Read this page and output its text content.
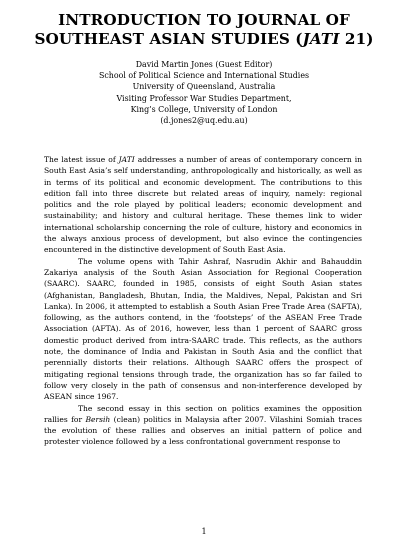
INTRODUCTION TO JOURNAL OF
SOUTHEAST ASIAN STUDIES (JATI 21)
David Martin Jones (Guest Editor)
School of Political Science and International Studies
University of Queensland, Australia
Visiting Professor War Studies Department,
King’s College, University of London
(d.jones2@uq.edu.au)

The latest issue of JATI addresses a number of areas of contemporary concern in South East Asia’s self understanding, anthropologically and historically, as well as in terms of its political and economic development. The contributions to this edition fall into three discrete but related areas of inquiry, namely: regional politics and the role played by political leaders; economic development and sustainability; and history and cultural heritage. These themes link to wider international scholarship concerning the role of culture, history and economics in the always anxious process of development, but also evince the contingencies encountered in the distinctive development of South East Asia.

The volume opens with Tahir Ashraf, Nasrudin Akhir and Bahauddin Zakariya analysis of the South Asian Association for Regional Cooperation (SAARC). SAARC, founded in 1985, consists of eight South Asian states (Afghanistan, Bangladesh, Bhutan, India, the Maldives, Nepal, Pakistan and Sri Lanka). In 2006, it attempted to establish a South Asian Free Trade Area (SAFTA), following, as the authors contend, in the ‘footsteps’ of the ASEAN Free Trade Association (AFTA). As of 2016, however, less than 1 percent of SAARC gross domestic product derived from intra-SAARC trade. This reflects, as the authors note, the dominance of India and Pakistan in South Asia and the conflict that perennially distorts their relations. Although SAARC offers the prospect of mitigating regional tensions through trade, the organization has so far failed to follow very closely in the path of consensus and non-interference developed by ASEAN since 1967.

The second essay in this section on politics examines the opposition rallies for Bersih (clean) politics in Malaysia after 2007. Vilashini Somiah traces the evolution of these rallies and observes an initial pattern of police and protester violence followed by a less confrontational government response to

1
